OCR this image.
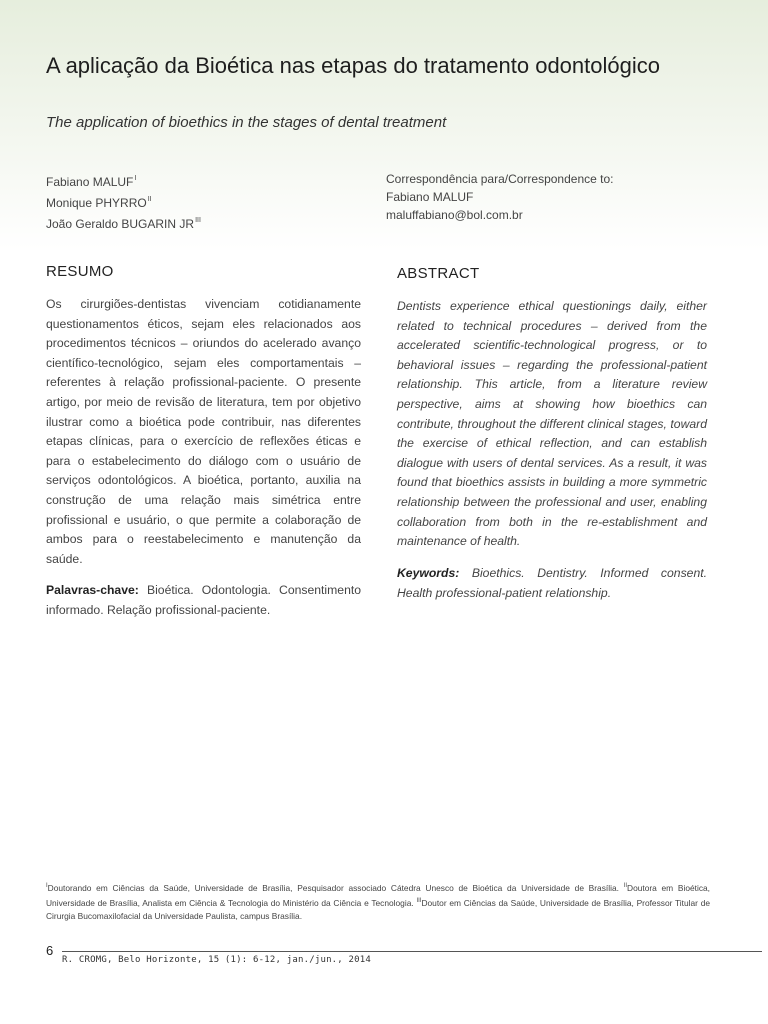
A aplicação da Bioética nas etapas do tratamento odontológico
The application of bioethics in the stages of dental treatment
Fabiano $MALUF^I$
Monique $PHYRRO^{II}$
João Geraldo BUGARIN $JR^{III}$
Correspondência para/Correspondence to:
Fabiano MALUF
maluffabiano@bol.com.br
RESUMO
Os cirurgiões-dentistas vivenciam cotidianamente questionamentos éticos, sejam eles relacionados aos procedimentos técnicos – oriundos do acelerado avanço científico-tecnológico, sejam eles comportamentais – referentes à relação profissional-paciente. O presente artigo, por meio de revisão de literatura, tem por objetivo ilustrar como a bioética pode contribuir, nas diferentes etapas clínicas, para o exercício de reflexões éticas e para o estabelecimento do diálogo com o usuário de serviços odontológicos. A bioética, portanto, auxilia na construção de uma relação mais simétrica entre profissional e usuário, o que permite a colaboração de ambos para o reestabelecimento e manutenção da saúde.
Palavras-chave: Bioética. Odontologia. Consentimento informado. Relação profissional-paciente.
ABSTRACT
Dentists experience ethical questionings daily, either related to technical procedures – derived from the accelerated scientific-technological progress, or to behavioral issues – regarding the professional-patient relationship. This article, from a literature review perspective, aims at showing how bioethics can contribute, throughout the different clinical stages, toward the exercise of ethical reflection, and can establish dialogue with users of dental services. As a result, it was found that bioethics assists in building a more symmetric relationship between the professional and user, enabling collaboration from both in the re-establishment and maintenance of health.
Keywords: Bioethics. Dentistry. Informed consent. Health professional-patient relationship.
$^I$Doutorando em Ciências da Saúde, Universidade de Brasília, Pesquisador associado Cátedra Unesco de Bioética da Universidade de Brasília. $^{II}$Doutora em Bioética, Universidade de Brasília, Analista em Ciência & Tecnologia do Ministério da Ciência e Tecnologia. $^{III}$Doutor em Ciências da Saúde, Universidade de Brasília, Professor Titular de Cirurgia Bucomaxilofacial da Universidade Paulista, campus Brasília.
6
R. CROMG, Belo Horizonte, 15 (1): 6-12, jan./jun., 2014
